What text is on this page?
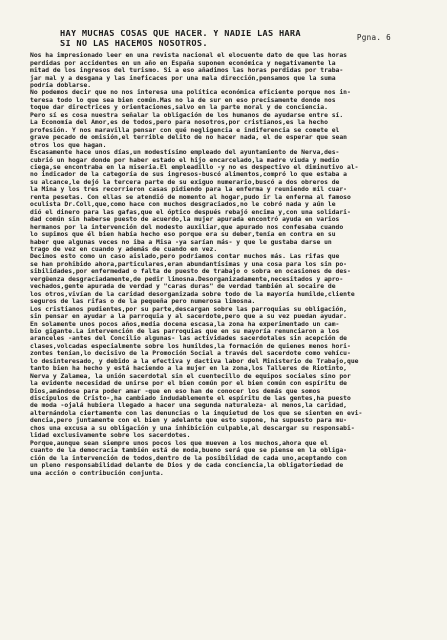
Pgna. 6
HAY MUCHAS COSAS QUE HACER. Y NADIE LAS HARA
SI NO LAS HACEMOS NOSOTROS.
Nos ha impresionado leer en una revista nacional el elocuente dato de que las horas
perdidas por accidentes en un año en España suponen económica y negativamente la
mitad de los ingresos del turismo. Si a eso añadimos las horas perdidas por traba-
jar mal y a desgana y las ineficaces por una mala dirección,pensamos que la suma
podría doblarse.
No podemos decir que no nos interesa una política económica eficiente porque nos in-
teresa todo lo que sea bien común.Mas no la de sur en eso precisamente donde nos
toque dar directrices y orientaciones,salvo en la parte moral y de conciencia.
Pero sí es cosa nuestra señalar la obligación de los humanos de ayudarse entre sí.
La Economía del Amor,es de todos,pero para nosotros,por cristianos,es la hecho
profesión. Y nos maravilla pensar con qué negligencia e indiferencia se comete el
grave pecado de omisión,el terrible delito de no hacer nada, el de esperar que sean
otros los que hagan.
Escasamente hace unos días,un modestísimo empleado del ayuntamiento de Nerva,des-
cubrió un hogar donde por haber estado el hijo encarcelado,la madre viuda y medio
ciega,se encontraba en la miseria.El empleadillo -y no es despectivo el diminutivo al-
no indicador de la categoría de sus ingresos-buscó alimentos,compró lo que estaba a
su alcance,le dejó la tercera parte de su exiguo numerario,buscó a dos obreros de
la Mina y los tres recorrieron casas pidiendo para la enferma y reuniendo mil cuar-
renta pesetas. Con ellas se atendió de momento al hogar,pudo ir la enferma al famoso
oculista Dr.Coll,que,como hace con muchos desgraciados,no le cobró nada y aún le
dió el dinero para las gafas,que el óptico después rebajó encima y,con una solidari-
dad común sin haberse puesto de acuerdo,la mujer apurada encontró ayuda en varios
hermanos por la intervención del modesto auxiliar,que apurado nos confesaba cuando
lo supimos que él bien había hecho eso porque era su deber,tenía en contra en su
haber que algunas veces no iba a Misa -ya sarían más- y que le gustaba darse un
trago de vez en cuando y además de cuando en vez.
Decimos esto como un caso aislado,pero podríamos contar muchos más. Las rifas que
se han prohibido ahora,particulares,eran abundantísimas y una cosa para los sin po-
sibilidades,por enfermedad o falta de puesto de trabajo o sobra en ocasiones de des-
vergüenza desgraciadamente,de pedir limosna.Desorganizadamente,necesitados y apro-
vechados,gente apurada de verdad y "caras duras" de verdad también al socaire de
los otros,vivían de la caridad desorganizada sobre todo de la mayoría humilde,cliente
seguros de las rifas o de la pequeña pero numerosa limosna.
Los cristianos pudientes,por su parte,descargan sobre las parroquias su obligación,
sin pensar en ayudar a la parroquia y al sacerdote,pero que a su vez puedan ayudar.
En solamente unos pocos años,media docena escasa,la zona ha experimentado un cam-
bio gigante.La intervención de las parroquias que en su mayoría renunciaron a los
aranceles -antes del Concilio algunas- las actividades sacerdotales sin acepción de
clases,volcadas especialmente sobre los humildes,la formación de quienes menos hori-
zontes tenían,lo decisivo de la Promoción Social a través del sacerdote como vehícu-
lo desinteresado, y debido a la efectiva y dactiva labor del Ministerio de Trabajo,que
tanto bien ha hecho y está haciendo a la mujer en la zona,los Talleres de Riotinto,
Nerva y Zalamea, la unión sacerdotal sin el cuentecillo de equipos sociales sino por
la evidente necesidad de unirse por el bien común por el bien común con espíritu de
Dios,amándose para poder amar -que en eso han de conocer los demás que somos
discípulos de Cristo-,ha cambiado indudablemente el espíritu de las gentes,ha puesto
de moda -ojalá hubiera llegado a hacer una segunda naturaleza- al menos,la caridad,
alternándola ciertamente con las denuncias o la inquietud de los que se sienten en evi-
dencia,pero juntamente con el bien y adelante que esto supone, ha supuesto para mu-
chos una excusa a su obligación y una inhibición culpable,al descargar su responsabi-
lidad exclusivamente sobre los sacerdotes.
Porque,aunque sean siempre unos pocos los que mueven a los muchos,ahora que el
cuanto de la democracia también está de moda,bueno será que se piense en la obliga-
ción de la intervención de todos,dentro de la posibilidad de cada uno,aceptando con
un pleno responsabilidad delante de Dios y de cada conciencia,la obligatoriedad de
una acción o contribución conjunta.
